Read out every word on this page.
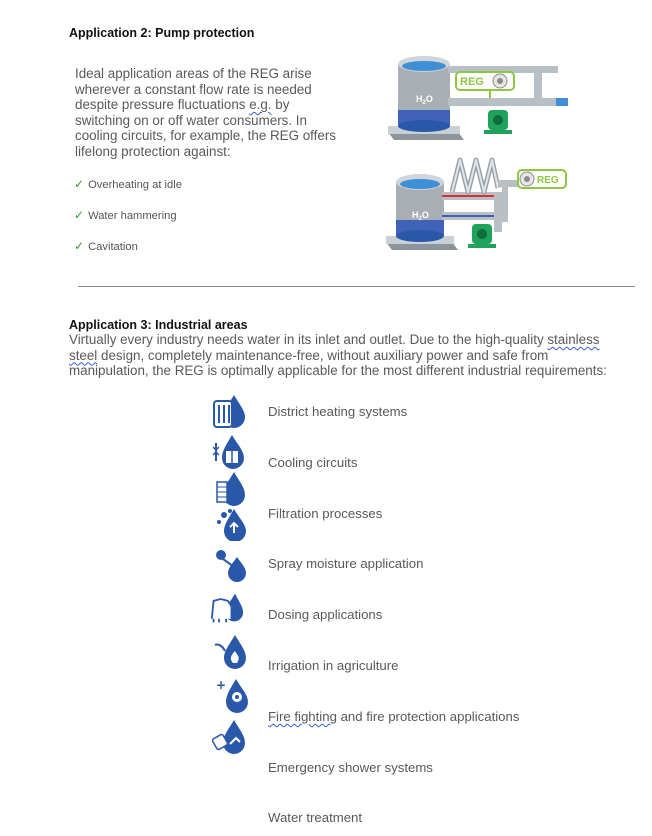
Application 2: Pump protection
Ideal application areas of the REG arise
wherever a constant flow rate is needed
despite pressure fluctuations e.g. by
switching on or off water consumers. In
cooling circuits, for example, the REG offers
lifelong protection against:
✓ Overheating at idle
✓ Water hammering
✓ Cavitation
$H_2O$
REG
$H_2O$
REG
Application 3: Industrial areas
Virtually every industry needs water in its inlet and outlet. Due to the high-quality stainless
steel design, completely maintenance-free, without auxiliary power and safe from
manipulation, the REG is optimally applicable for the most different industrial requirements:
+
District heating systems
Cooling circuits
Filtration processes
Spray moisture application
Dosing applications
Irrigation in agriculture
Fire fighting and fire protection applications
Emergency shower systems
Water treatment
